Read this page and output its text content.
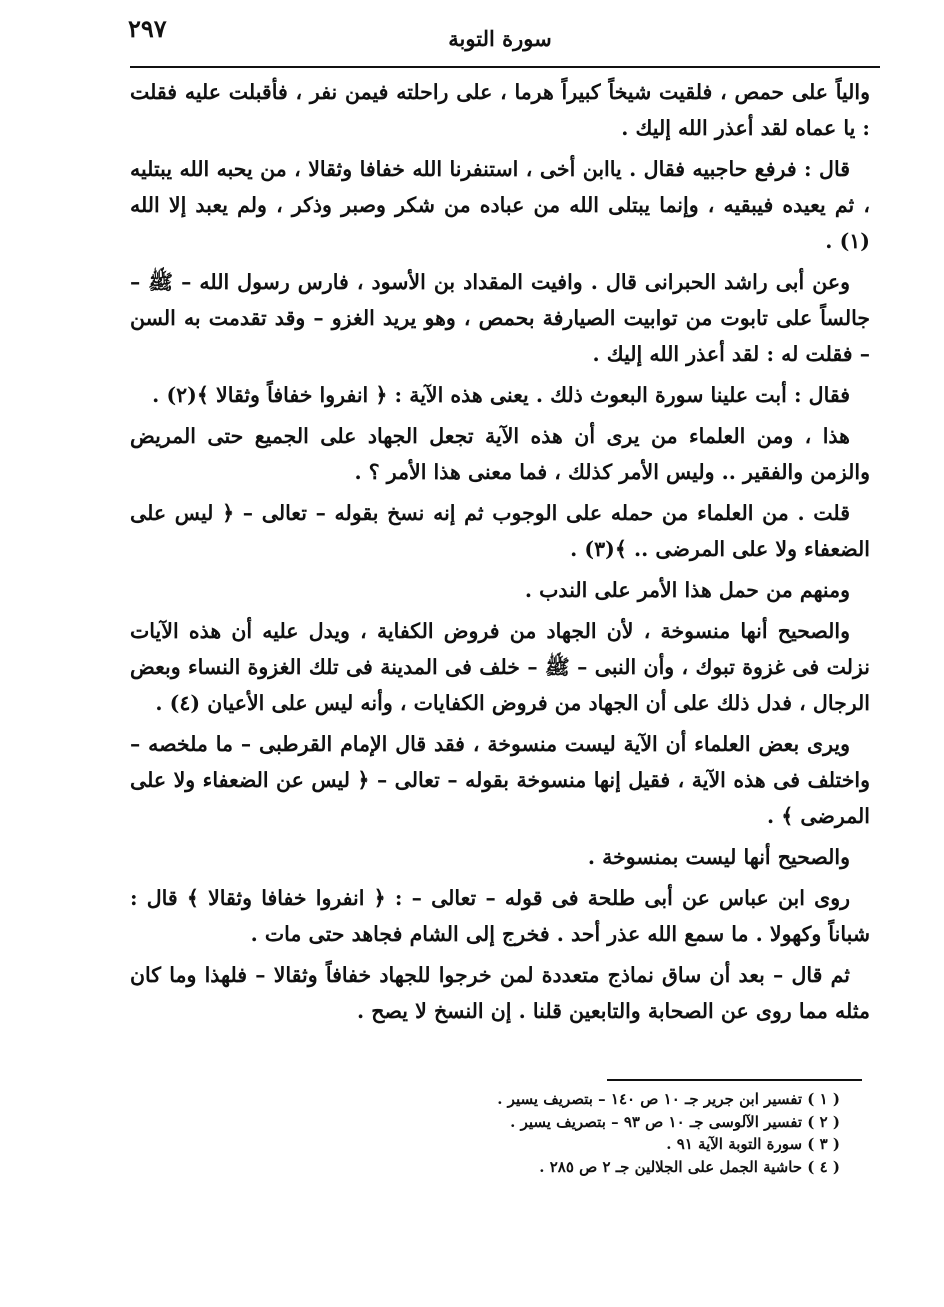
٢٩٧	سورة التوبة

والياً على حمص ، فلقيت شيخاً كبيراً هرما ، على راحلته فيمن نفر ، فأقبلت عليه فقلت : يا عماه لقد أعذر الله إليك .

قال : فرفع حاجبيه فقال . ياابن أخى ، استنفرنا الله خفافا وثقالا ، من يحبه الله يبتليه ، ثم يعيده فيبقيه ، وإنما يبتلى الله من عباده من شكر وصبر وذكر ، ولم يعبد إلا الله (١) .

وعن أبى راشد الحبرانى قال . وافيت المقداد بن الأسود ، فارس رسول الله – ﷺ – جالساً على تابوت من توابيت الصيارفة بحمص ، وهو يريد الغزو – وقد تقدمت به السن – فقلت له : لقد أعذر الله إليك .

فقال : أبت علينا سورة البعوث ذلك . يعنى هذه الآية : ﴿ انفروا خفافاً وثقالا ﴾(٢) .

هذا ، ومن العلماء من يرى أن هذه الآية تجعل الجهاد على الجميع حتى المريض والزمن والفقير .. وليس الأمر كذلك ، فما معنى هذا الأمر ؟ .

قلت . من العلماء من حمله على الوجوب ثم إنه نسخ بقوله – تعالى – ﴿ ليس على الضعفاء ولا على المرضى .. ﴾(٣) .

ومنهم من حمل هذا الأمر على الندب .

والصحيح أنها منسوخة ، لأن الجهاد من فروض الكفاية ، ويدل عليه أن هذه الآيات نزلت فى غزوة تبوك ، وأن النبى – ﷺ – خلف فى المدينة فى تلك الغزوة النساء وبعض الرجال ، فدل ذلك على أن الجهاد من فروض الكفايات ، وأنه ليس على الأعيان (٤) .

ويرى بعض العلماء أن الآية ليست منسوخة ، فقد قال الإمام القرطبى – ما ملخصه – واختلف فى هذه الآية ، فقيل إنها منسوخة بقوله – تعالى – ﴿ ليس عن الضعفاء ولا على المرضى ﴾ .

والصحيح أنها ليست بمنسوخة .

روى ابن عباس عن أبى طلحة فى قوله – تعالى – : ﴿ انفروا خفافا وثقالا ﴾ قال : شباناً وكهولا . ما سمع الله عذر أحد . فخرج إلى الشام فجاهد حتى مات .

ثم قال – بعد أن ساق نماذج متعددة لمن خرجوا للجهاد خفافاً وثقالا – فلهذا وما كان مثله مما روى عن الصحابة والتابعين قلنا . إن النسخ لا يصح .

( ١ ) تفسير ابن جرير جـ ١٠ ص ١٤٠ – بتصريف يسير .
( ٢ ) تفسير الآلوسى جـ ١٠ ص ٩٣ – بتصريف يسير .
( ٣ ) سورة التوبة الآية ٩١ .
( ٤ ) حاشية الجمل على الجلالين جـ ٢ ص ٢٨٥ .
